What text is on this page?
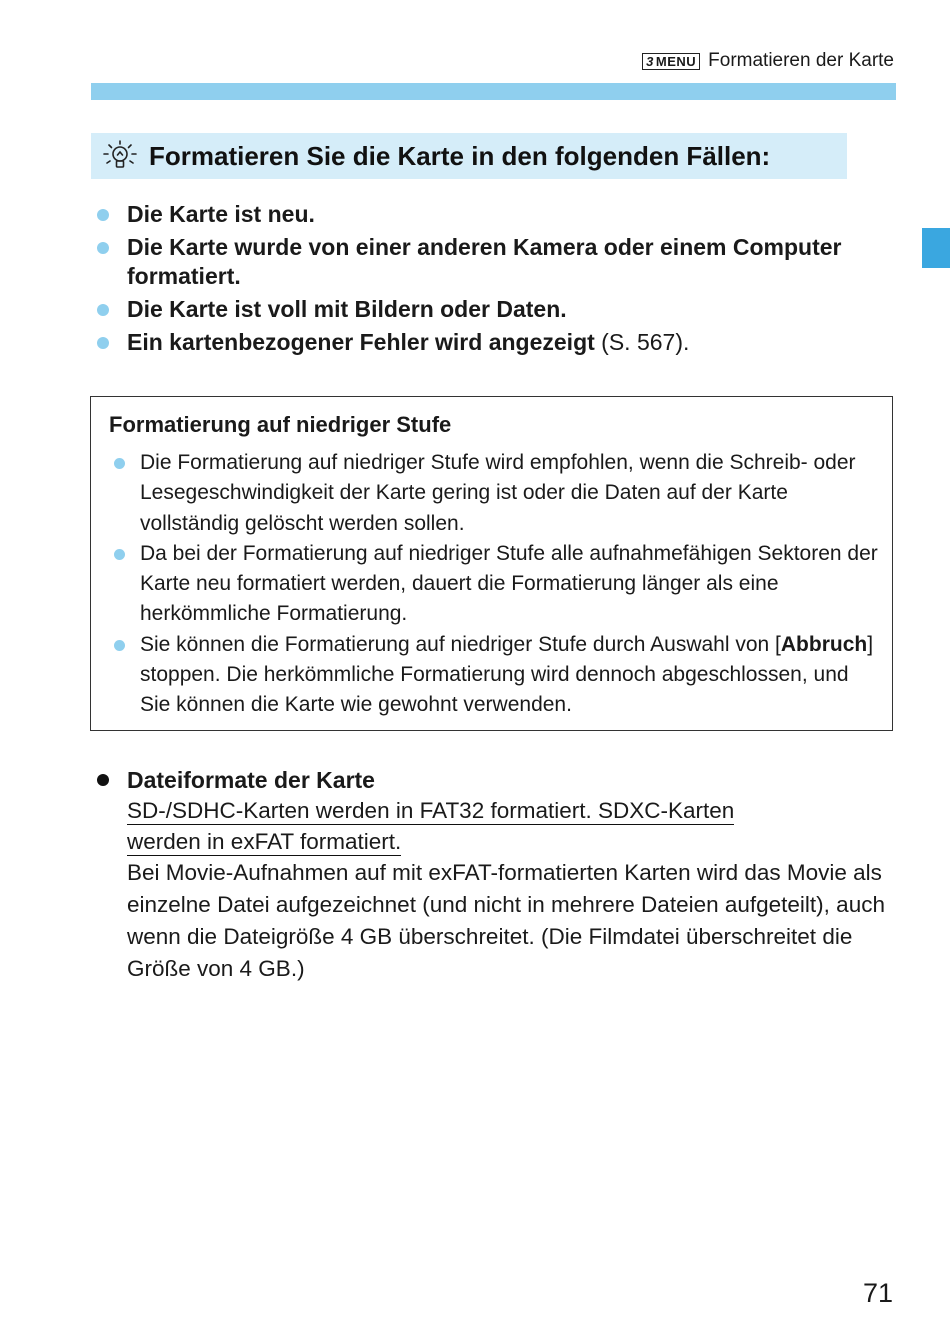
3 MENU Formatieren der Karte
Formatieren Sie die Karte in den folgenden Fällen:
Die Karte ist neu.
Die Karte wurde von einer anderen Kamera oder einem Computer formatiert.
Die Karte ist voll mit Bildern oder Daten.
Ein kartenbezogener Fehler wird angezeigt (S. 567).
Formatierung auf niedriger Stufe
Die Formatierung auf niedriger Stufe wird empfohlen, wenn die Schreib- oder Lesegeschwindigkeit der Karte gering ist oder die Daten auf der Karte vollständig gelöscht werden sollen.
Da bei der Formatierung auf niedriger Stufe alle aufnahmefähigen Sektoren der Karte neu formatiert werden, dauert die Formatierung länger als eine herkömmliche Formatierung.
Sie können die Formatierung auf niedriger Stufe durch Auswahl von [Abbruch] stoppen. Die herkömmliche Formatierung wird dennoch abgeschlossen, und Sie können die Karte wie gewohnt verwenden.
Dateiformate der Karte
SD-/SDHC-Karten werden in FAT32 formatiert. SDXC-Karten
werden in exFAT formatiert.
Bei Movie-Aufnahmen auf mit exFAT-formatierten Karten wird das Movie als einzelne Datei aufgezeichnet (und nicht in mehrere Dateien aufgeteilt), auch wenn die Dateigröße 4 GB überschreitet. (Die Filmdatei überschreitet die Größe von 4 GB.)
71
